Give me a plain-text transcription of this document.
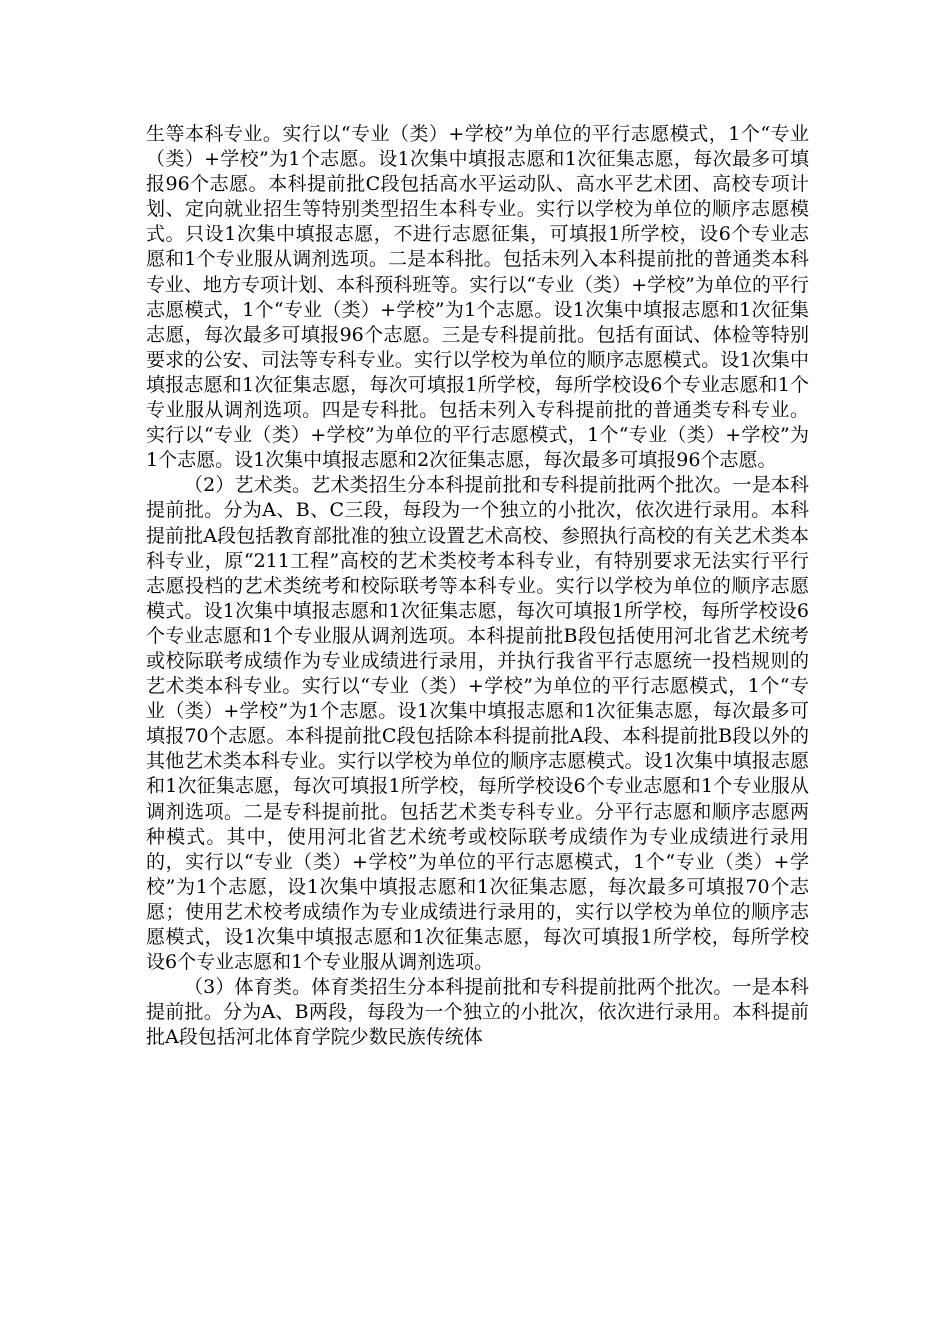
生等本科专业。实行以“专业（类）+学校”为单位的平行志愿模式，1个“专业（类）+学校”为1个志愿。设1次集中填报志愿和1次征集志愿，每次最多可填报96个志愿。本科提前批C段包括高水平运动队、高水平艺术团、高校专项计划、定向就业招生等特别类型招生本科专业。实行以学校为单位的顺序志愿模式。只设1次集中填报志愿，不进行志愿征集，可填报1所学校，设6个专业志愿和1个专业服从调剂选项。二是本科批。包括未列入本科提前批的普通类本科专业、地方专项计划、本科预科班等。实行以“专业（类）+学校”为单位的平行志愿模式，1个“专业（类）+学校”为1个志愿。设1次集中填报志愿和1次征集志愿，每次最多可填报96个志愿。三是专科提前批。包括有面试、体检等特别要求的公安、司法等专科专业。实行以学校为单位的顺序志愿模式。设1次集中填报志愿和1次征集志愿，每次可填报1所学校，每所学校设6个专业志愿和1个专业服从调剂选项。四是专科批。包括未列入专科提前批的普通类专科专业。实行以“专业（类）+学校”为单位的平行志愿模式，1个“专业（类）+学校”为1个志愿。设1次集中填报志愿和2次征集志愿，每次最多可填报96个志愿。

（2）艺术类。艺术类招生分本科提前批和专科提前批两个批次。一是本科提前批。分为A、B、C三段，每段为一个独立的小批次，依次进行录用。本科提前批A段包括教育部批准的独立设置艺术高校、参照执行高校的有关艺术类本科专业，原“211工程”高校的艺术类校考本科专业，有特别要求无法实行平行志愿投档的艺术类统考和校际联考等本科专业。实行以学校为单位的顺序志愿模式。设1次集中填报志愿和1次征集志愿，每次可填报1所学校，每所学校设6个专业志愿和1个专业服从调剂选项。本科提前批B段包括使用河北省艺术统考或校际联考成绩作为专业成绩进行录用，并执行我省平行志愿统一投档规则的艺术类本科专业。实行以“专业（类）+学校”为单位的平行志愿模式，1个“专业（类）+学校”为1个志愿。设1次集中填报志愿和1次征集志愿，每次最多可填报70个志愿。本科提前批C段包括除本科提前批A段、本科提前批B段以外的其他艺术类本科专业。实行以学校为单位的顺序志愿模式。设1次集中填报志愿和1次征集志愿，每次可填报1所学校，每所学校设6个专业志愿和1个专业服从调剂选项。二是专科提前批。包括艺术类专科专业。分平行志愿和顺序志愿两种模式。其中，使用河北省艺术统考或校际联考成绩作为专业成绩进行录用的，实行以“专业（类）+学校”为单位的平行志愿模式，1个“专业（类）+学校”为1个志愿，设1次集中填报志愿和1次征集志愿，每次最多可填报70个志愿；使用艺术校考成绩作为专业成绩进行录用的，实行以学校为单位的顺序志愿模式，设1次集中填报志愿和1次征集志愿，每次可填报1所学校，每所学校设6个专业志愿和1个专业服从调剂选项。

（3）体育类。体育类招生分本科提前批和专科提前批两个批次。一是本科提前批。分为A、B两段，每段为一个独立的小批次，依次进行录用。本科提前批A段包括河北体育学院少数民族传统体
